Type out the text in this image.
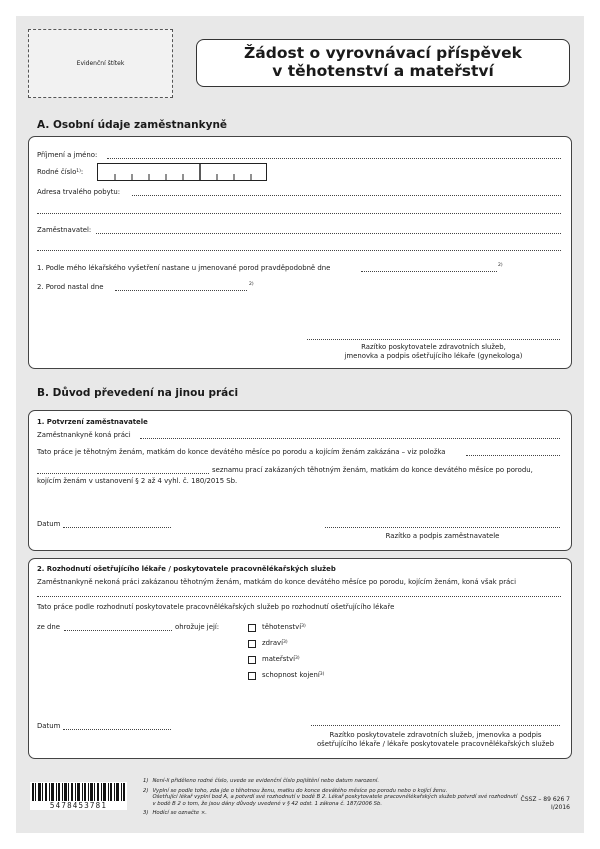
Evidenční štítek
Žádost o vyrovnávací příspěvek
v těhotenství a mateřství
A. Osobní údaje zaměstnankyně
Příjmení a jméno:
Rodné číslo$^{1)}$:
Adresa trvalého pobytu:
Zaměstnavatel:
1. Podle mého lékařského vyšetření nastane u jmenované porod pravděpodobně dne	$^{2)}$
2. Porod nastal dne	$^{2)}$
Razítko poskytovatele zdravotních služeb,
jmenovka a podpis ošetřujícího lékaře (gynekologa)
B. Důvod převedení na jinou práci
1. Potvrzení zaměstnavatele
Zaměstnankyně koná práci
Tato práce je těhotným ženám, matkám do konce devátého měsíce po porodu a kojícím ženám zakázána – viz položka
seznamu prací zakázaných těhotným ženám, matkám do konce devátého měsíce po porodu,
kojícím ženám v ustanovení § 2 až 4 vyhl. č. 180/2015 Sb.
Datum
Razítko a podpis zaměstnavatele
2. Rozhodnutí ošetřujícího lékaře / poskytovatele pracovnělékařských služeb
Zaměstnankyně nekoná práci zakázanou těhotným ženám, matkám do konce devátého měsíce po porodu, kojícím ženám, koná však práci
Tato práce podle rozhodnutí poskytovatele pracovnělékařských služeb po rozhodnutí ošetřujícího lékaře
ze dne	ohrožuje její:	těhotenství$^{3)}$
zdraví$^{3)}$
mateřství$^{3)}$
schopnost kojení$^{3)}$
Datum
Razítko poskytovatele zdravotních služeb, jmenovka a podpis
ošetřujícího lékaře / lékaře poskytovatele pracovnělékařských služeb
5478453781
1) Není-li přiděleno rodné číslo, uvede se evidenční číslo pojištění nebo datum narození.
2) Vyplní se podle toho, zda jde o těhotnou ženu, matku do konce devátého měsíce po porodu nebo o kojící ženu.
Ošetřující lékař vyplní bod A, a potvrdí své rozhodnutí v bodě B 2. Lékař poskytovatele pracovnělékařských služeb potvrdí své rozhodnutí
v bodě B 2 o tom, že jsou dány důvody uvedené v § 42 odst. 1 zákona č. 187/2006 Sb.
3) Hodící se označte ×.
ČSSZ – 89 626 7
I/2016
